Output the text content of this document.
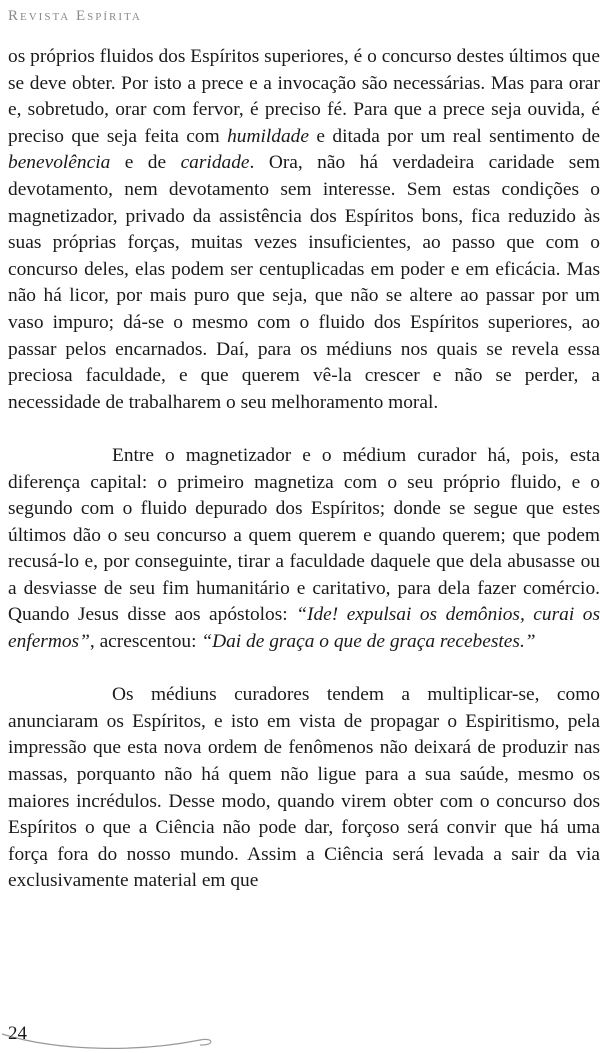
Revista Espírita

os próprios fluidos dos Espíritos superiores, é o concurso destes últimos que se deve obter. Por isto a prece e a invocação são necessárias. Mas para orar e, sobretudo, orar com fervor, é preciso fé. Para que a prece seja ouvida, é preciso que seja feita com humildade e ditada por um real sentimento de benevolência e de caridade. Ora, não há verdadeira caridade sem devotamento, nem devotamento sem interesse. Sem estas condições o magnetizador, privado da assistência dos Espíritos bons, fica reduzido às suas próprias forças, muitas vezes insuficientes, ao passo que com o concurso deles, elas podem ser centuplicadas em poder e em eficácia. Mas não há licor, por mais puro que seja, que não se altere ao passar por um vaso impuro; dá-se o mesmo com o fluido dos Espíritos superiores, ao passar pelos encarnados. Daí, para os médiuns nos quais se revela essa preciosa faculdade, e que querem vê-la crescer e não se perder, a necessidade de trabalharem o seu melhoramento moral.

Entre o magnetizador e o médium curador há, pois, esta diferença capital: o primeiro magnetiza com o seu próprio fluido, e o segundo com o fluido depurado dos Espíritos; donde se segue que estes últimos dão o seu concurso a quem querem e quando querem; que podem recusá-lo e, por conseguinte, tirar a faculdade daquele que dela abusasse ou a desviasse de seu fim humanitário e caritativo, para dela fazer comércio. Quando Jesus disse aos apóstolos: “Ide! expulsai os demônios, curai os enfermos”, acrescentou: “Dai de graça o que de graça recebestes.”

Os médiuns curadores tendem a multiplicar-se, como anunciaram os Espíritos, e isto em vista de propagar o Espiritismo, pela impressão que esta nova ordem de fenômenos não deixará de produzir nas massas, porquanto não há quem não ligue para a sua saúde, mesmo os maiores incrédulos. Desse modo, quando virem obter com o concurso dos Espíritos o que a Ciência não pode dar, forçoso será convir que há uma força fora do nosso mundo. Assim a Ciência será levada a sair da via exclusivamente material em que

24
